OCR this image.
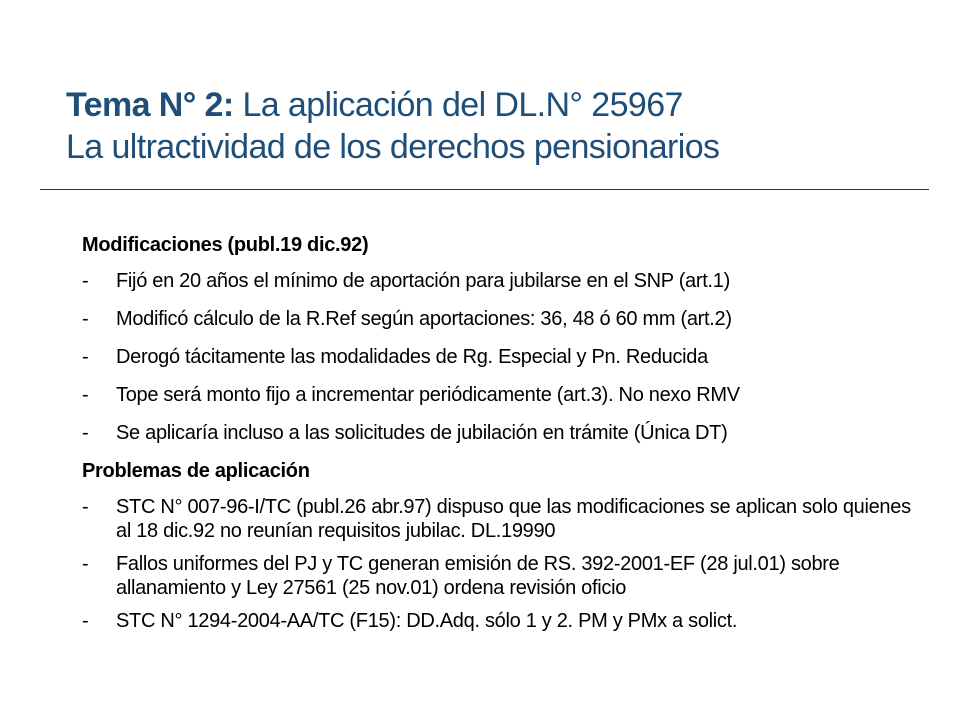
Tema N° 2: La aplicación del DL.N° 25967
La ultractividad de los derechos pensionarios
Modificaciones (publ.19 dic.92)
-	Fijó en 20 años el mínimo de aportación para jubilarse en el SNP (art.1)
-	Modificó cálculo de la R.Ref según aportaciones: 36, 48 ó 60 mm (art.2)
-	Derogó tácitamente las modalidades de Rg. Especial y Pn. Reducida
-	Tope será monto fijo a incrementar periódicamente (art.3). No nexo RMV
-	Se aplicaría incluso a las solicitudes de jubilación en trámite (Única DT)
Problemas de aplicación
-	STC N° 007-96-I/TC (publ.26 abr.97) dispuso que las modificaciones se aplican solo quienes al 18 dic.92 no reunían requisitos jubilac. DL.19990
-	Fallos uniformes del PJ y TC generan emisión de RS. 392-2001-EF (28 jul.01) sobre allanamiento y Ley 27561 (25 nov.01) ordena revisión oficio
-	STC N° 1294-2004-AA/TC (F15): DD.Adq. sólo 1 y 2. PM y PMx a solict.
